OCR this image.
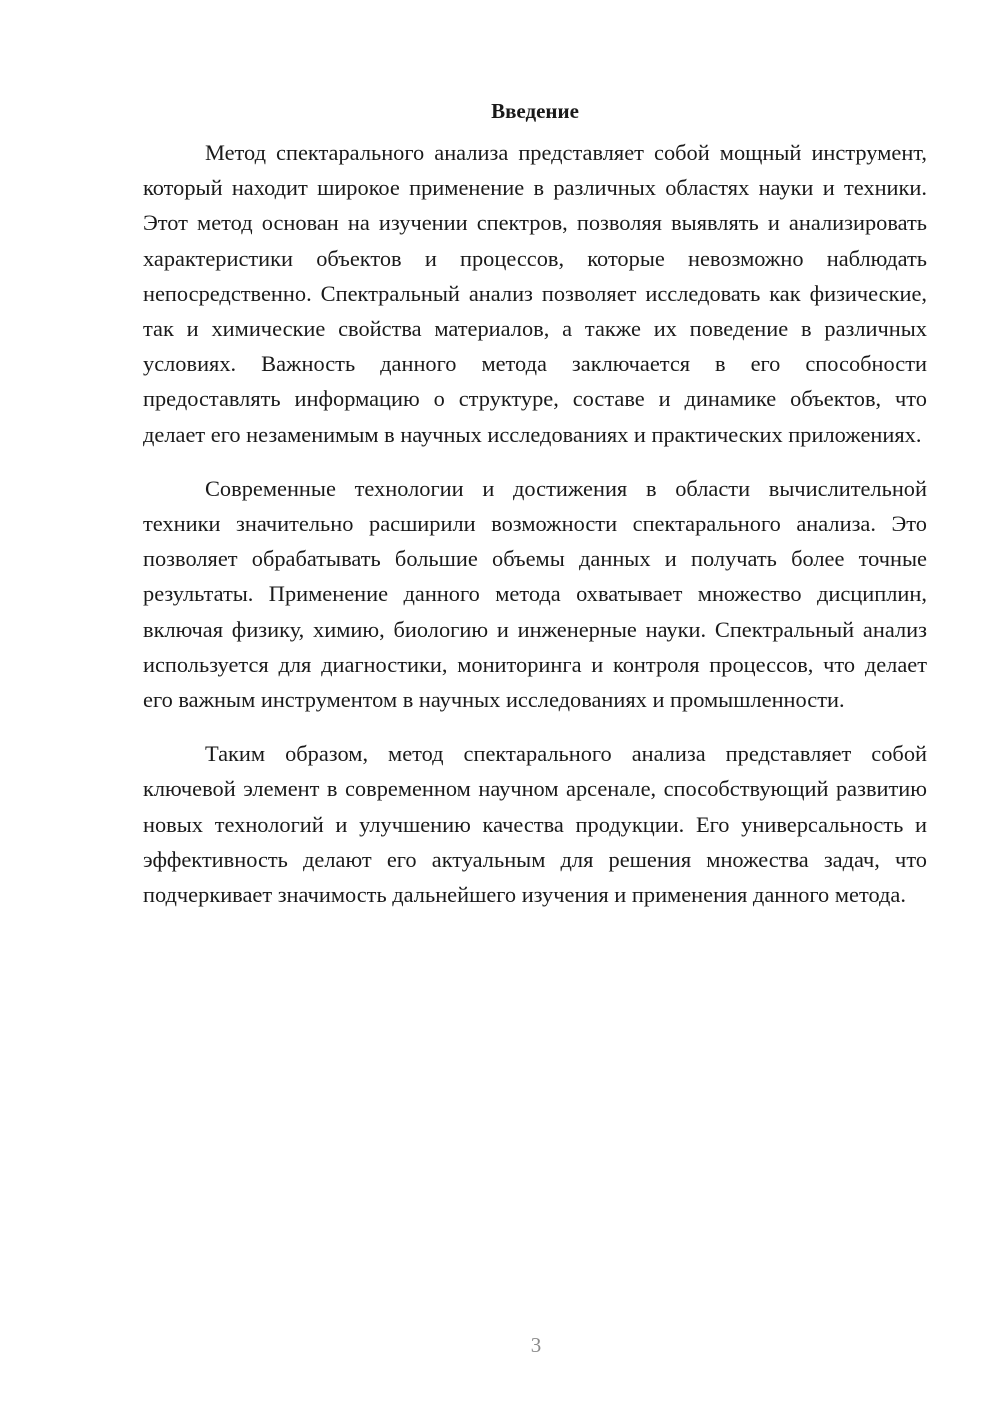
Введение

Метод спектарального анализа представляет собой мощный инструмент, который находит широкое применение в различных областях науки и техники. Этот метод основан на изучении спектров, позволяя выявлять и анализировать характеристики объектов и процессов, которые невозможно наблюдать непосредственно. Спектральный анализ позволяет исследовать как физические, так и химические свойства материалов, а также их поведение в различных условиях. Важность данного метода заключается в его способности предоставлять информацию о структуре, составе и динамике объектов, что делает его незаменимым в научных исследованиях и практических приложениях.

Современные технологии и достижения в области вычислительной техники значительно расширили возможности спектарального анализа. Это позволяет обрабатывать большие объемы данных и получать более точные результаты. Применение данного метода охватывает множество дисциплин, включая физику, химию, биологию и инженерные науки. Спектральный анализ используется для диагностики, мониторинга и контроля процессов, что делает его важным инструментом в научных исследованиях и промышленности.

Таким образом, метод спектарального анализа представляет собой ключевой элемент в современном научном арсенале, способствующий развитию новых технологий и улучшению качества продукции. Его универсальность и эффективность делают его актуальным для решения множества задач, что подчеркивает значимость дальнейшего изучения и применения данного метода.

3
